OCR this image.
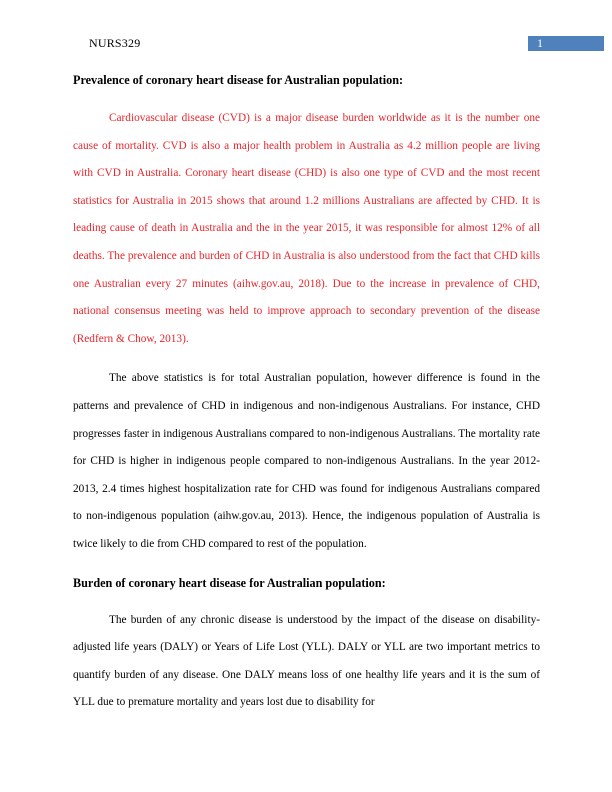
NURS329	1
Prevalence of coronary heart disease for Australian population:

Cardiovascular disease (CVD) is a major disease burden worldwide as it is the number one cause of mortality. CVD is also a major health problem in Australia as 4.2 million people are living with CVD in Australia. Coronary heart disease (CHD) is also one type of CVD and the most recent statistics for Australia in 2015 shows that around 1.2 millions Australians are affected by CHD. It is leading cause of death in Australia and the in the year 2015, it was responsible for almost 12% of all deaths. The prevalence and burden of CHD in Australia is also understood from the fact that CHD kills one Australian every 27 minutes (aihw.gov.au, 2018). Due to the increase in prevalence of CHD, national consensus meeting was held to improve approach to secondary prevention of the disease (Redfern & Chow, 2013).

The above statistics is for total Australian population, however difference is found in the patterns and prevalence of CHD in indigenous and non-indigenous Australians. For instance, CHD progresses faster in indigenous Australians compared to non-indigenous Australians. The mortality rate for CHD is higher in indigenous people compared to non-indigenous Australians. In the year 2012-2013, 2.4 times highest hospitalization rate for CHD was found for indigenous Australians compared to non-indigenous population (aihw.gov.au, 2013). Hence, the indigenous population of Australia is twice likely to die from CHD compared to rest of the population.

Burden of coronary heart disease for Australian population:

The burden of any chronic disease is understood by the impact of the disease on disability-adjusted life years (DALY) or Years of Life Lost (YLL). DALY or YLL are two important metrics to quantify burden of any disease. One DALY means loss of one healthy life years and it is the sum of YLL due to premature mortality and years lost due to disability for
